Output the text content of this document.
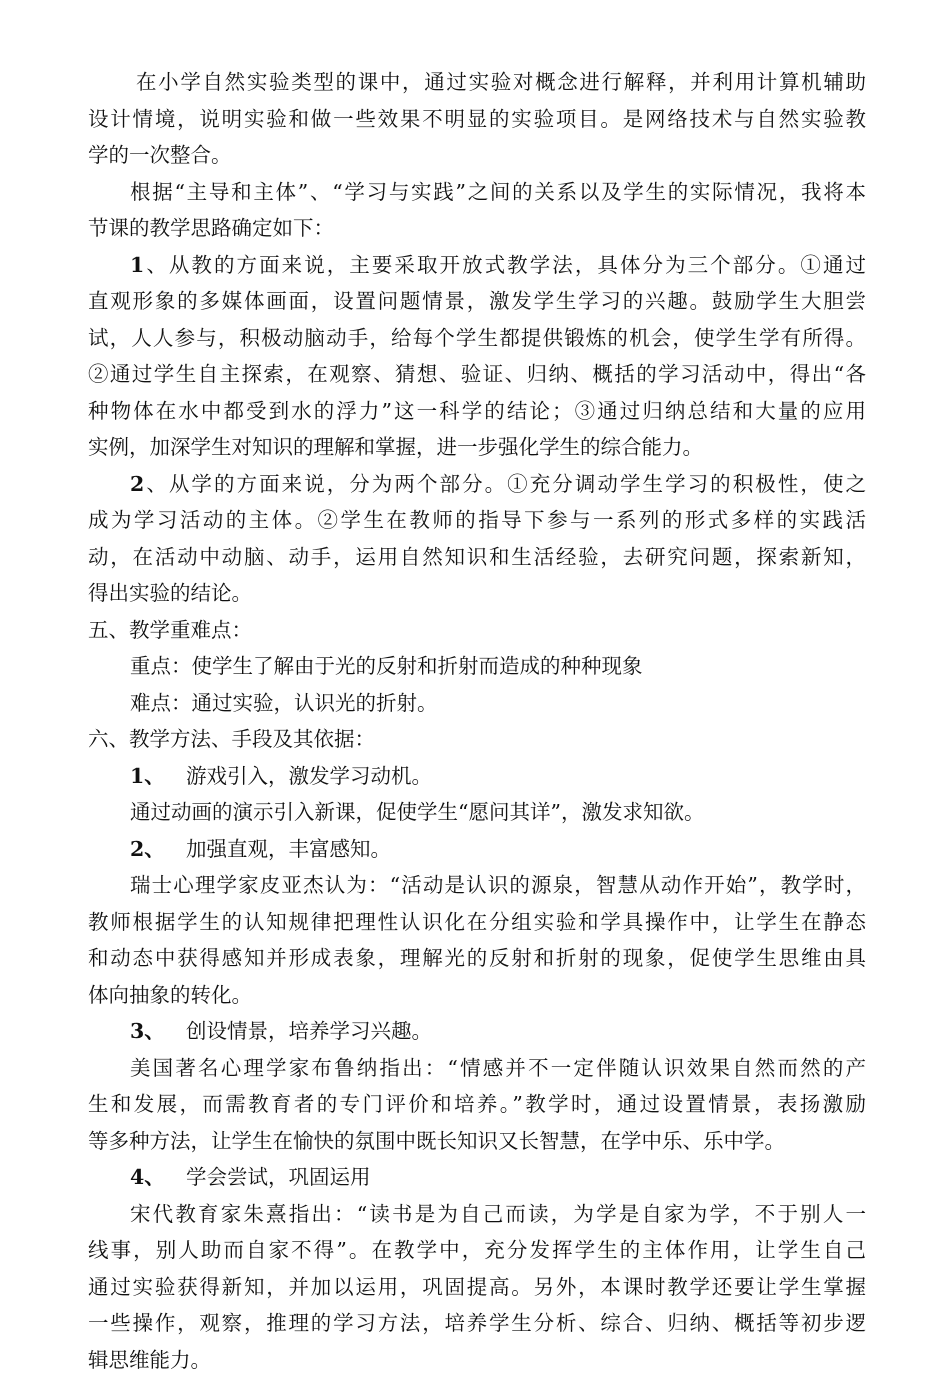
在小学自然实验类型的课中，通过实验对概念进行解释，并利用计算机辅助
设计情境，说明实验和做一些效果不明显的实验项目。是网络技术与自然实验教
学的一次整合。
根据“主导和主体”、“学习与实践”之间的关系以及学生的实际情况，我将本
节课的教学思路确定如下：
1、从教的方面来说，主要采取开放式教学法，具体分为三个部分。①通过
直观形象的多媒体画面，设置问题情景，激发学生学习的兴趣。鼓励学生大胆尝
试，人人参与，积极动脑动手，给每个学生都提供锻炼的机会，使学生学有所得。
②通过学生自主探索，在观察、猜想、验证、归纳、概括的学习活动中，得出“各
种物体在水中都受到水的浮力”这一科学的结论；③通过归纳总结和大量的应用
实例，加深学生对知识的理解和掌握，进一步强化学生的综合能力。
2、从学的方面来说，分为两个部分。①充分调动学生学习的积极性，使之
成为学习活动的主体。②学生在教师的指导下参与一系列的形式多样的实践活
动，在活动中动脑、动手，运用自然知识和生活经验，去研究问题，探索新知，
得出实验的结论。
五、教学重难点：
重点：使学生了解由于光的反射和折射而造成的种种现象
难点：通过实验，认识光的折射。
六、教学方法、手段及其依据：
1、 游戏引入，激发学习动机。
通过动画的演示引入新课，促使学生“愿问其详”，激发求知欲。
2、 加强直观，丰富感知。
瑞士心理学家皮亚杰认为：“活动是认识的源泉，智慧从动作开始”，教学时，
教师根据学生的认知规律把理性认识化在分组实验和学具操作中，让学生在静态
和动态中获得感知并形成表象，理解光的反射和折射的现象，促使学生思维由具
体向抽象的转化。
3、 创设情景，培养学习兴趣。
美国著名心理学家布鲁纳指出：“情感并不一定伴随认识效果自然而然的产
生和发展，而需教育者的专门评价和培养。”教学时，通过设置情景，表扬激励
等多种方法，让学生在愉快的氛围中既长知识又长智慧，在学中乐、乐中学。
4、 学会尝试，巩固运用
宋代教育家朱熹指出：“读书是为自己而读，为学是自家为学，不于别人一
线事，别人助而自家不得”。在教学中，充分发挥学生的主体作用，让学生自己
通过实验获得新知，并加以运用，巩固提高。另外，本课时教学还要让学生掌握
一些操作，观察，推理的学习方法，培养学生分析、综合、归纳、概括等初步逻
辑思维能力。
